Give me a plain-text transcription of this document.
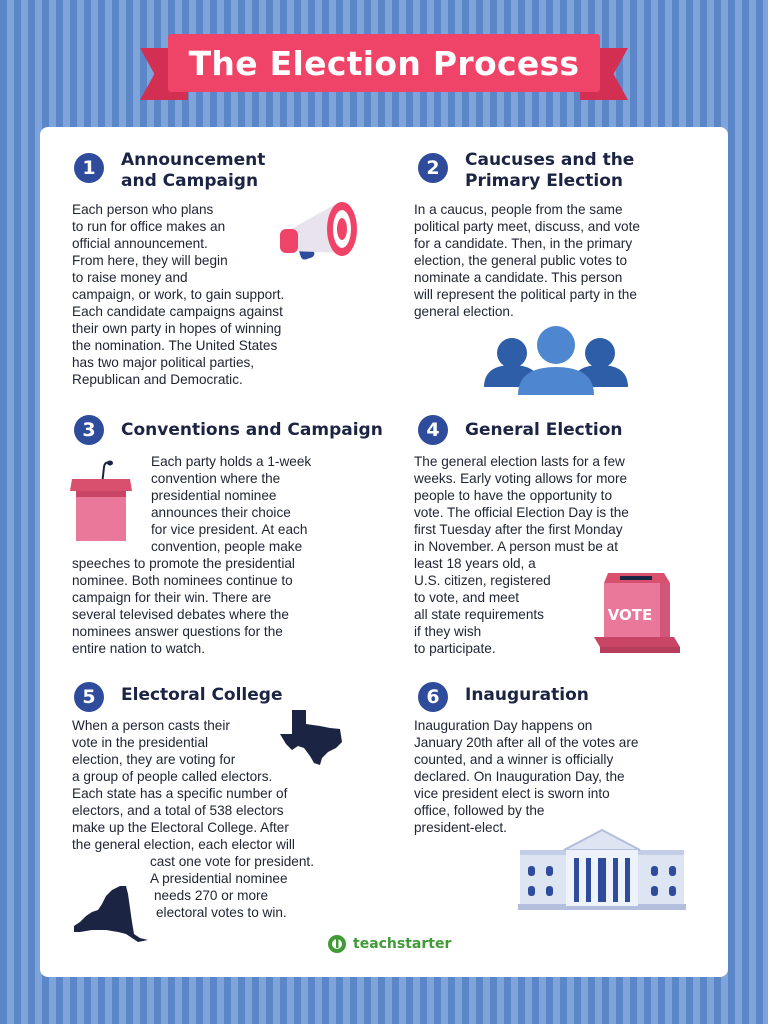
The Election Process
1	Announcement
and Campaign
Each person who plans
to run for office makes an
official announcement.
From here, they will begin
to raise money and
campaign, or work, to gain support.
Each candidate campaigns against
their own party in hopes of winning
the nomination. The United States
has two major political parties,
Republican and Democratic.
2	Caucuses and the
Primary Election
In a caucus, people from the same
political party meet, discuss, and vote
for a candidate. Then, in the primary
election, the general public votes to
nominate a candidate. This person
will represent the political party in the
general election.
3	Conventions and Campaign
Each party holds a 1-week
convention where the
presidential nominee
announces their choice
for vice president. At each
convention, people make
speeches to promote the presidential
nominee. Both nominees continue to
campaign for their win. There are
several televised debates where the
nominees answer questions for the
entire nation to watch.
4	General Election
The general election lasts for a few
weeks. Early voting allows for more
people to have the opportunity to
vote. The official Election Day is the
first Tuesday after the first Monday
in November. A person must be at
least 18 years old, a
U.S. citizen, registered
to vote, and meet
all state requirements
if they wish
to participate.
VOTE
5	Electoral College
When a person casts their
vote in the presidential
election, they are voting for
a group of people called electors.
Each state has a specific number of
electors, and a total of 538 electors
make up the Electoral College. After
the general election, each elector will
cast one vote for president.
A presidential nominee
needs 270 or more
electoral votes to win.
6	Inauguration
Inauguration Day happens on
January 20th after all of the votes are
counted, and a winner is officially
declared. On Inauguration Day, the
vice president elect is sworn into
office, followed by the
president-elect.
teachstarter
